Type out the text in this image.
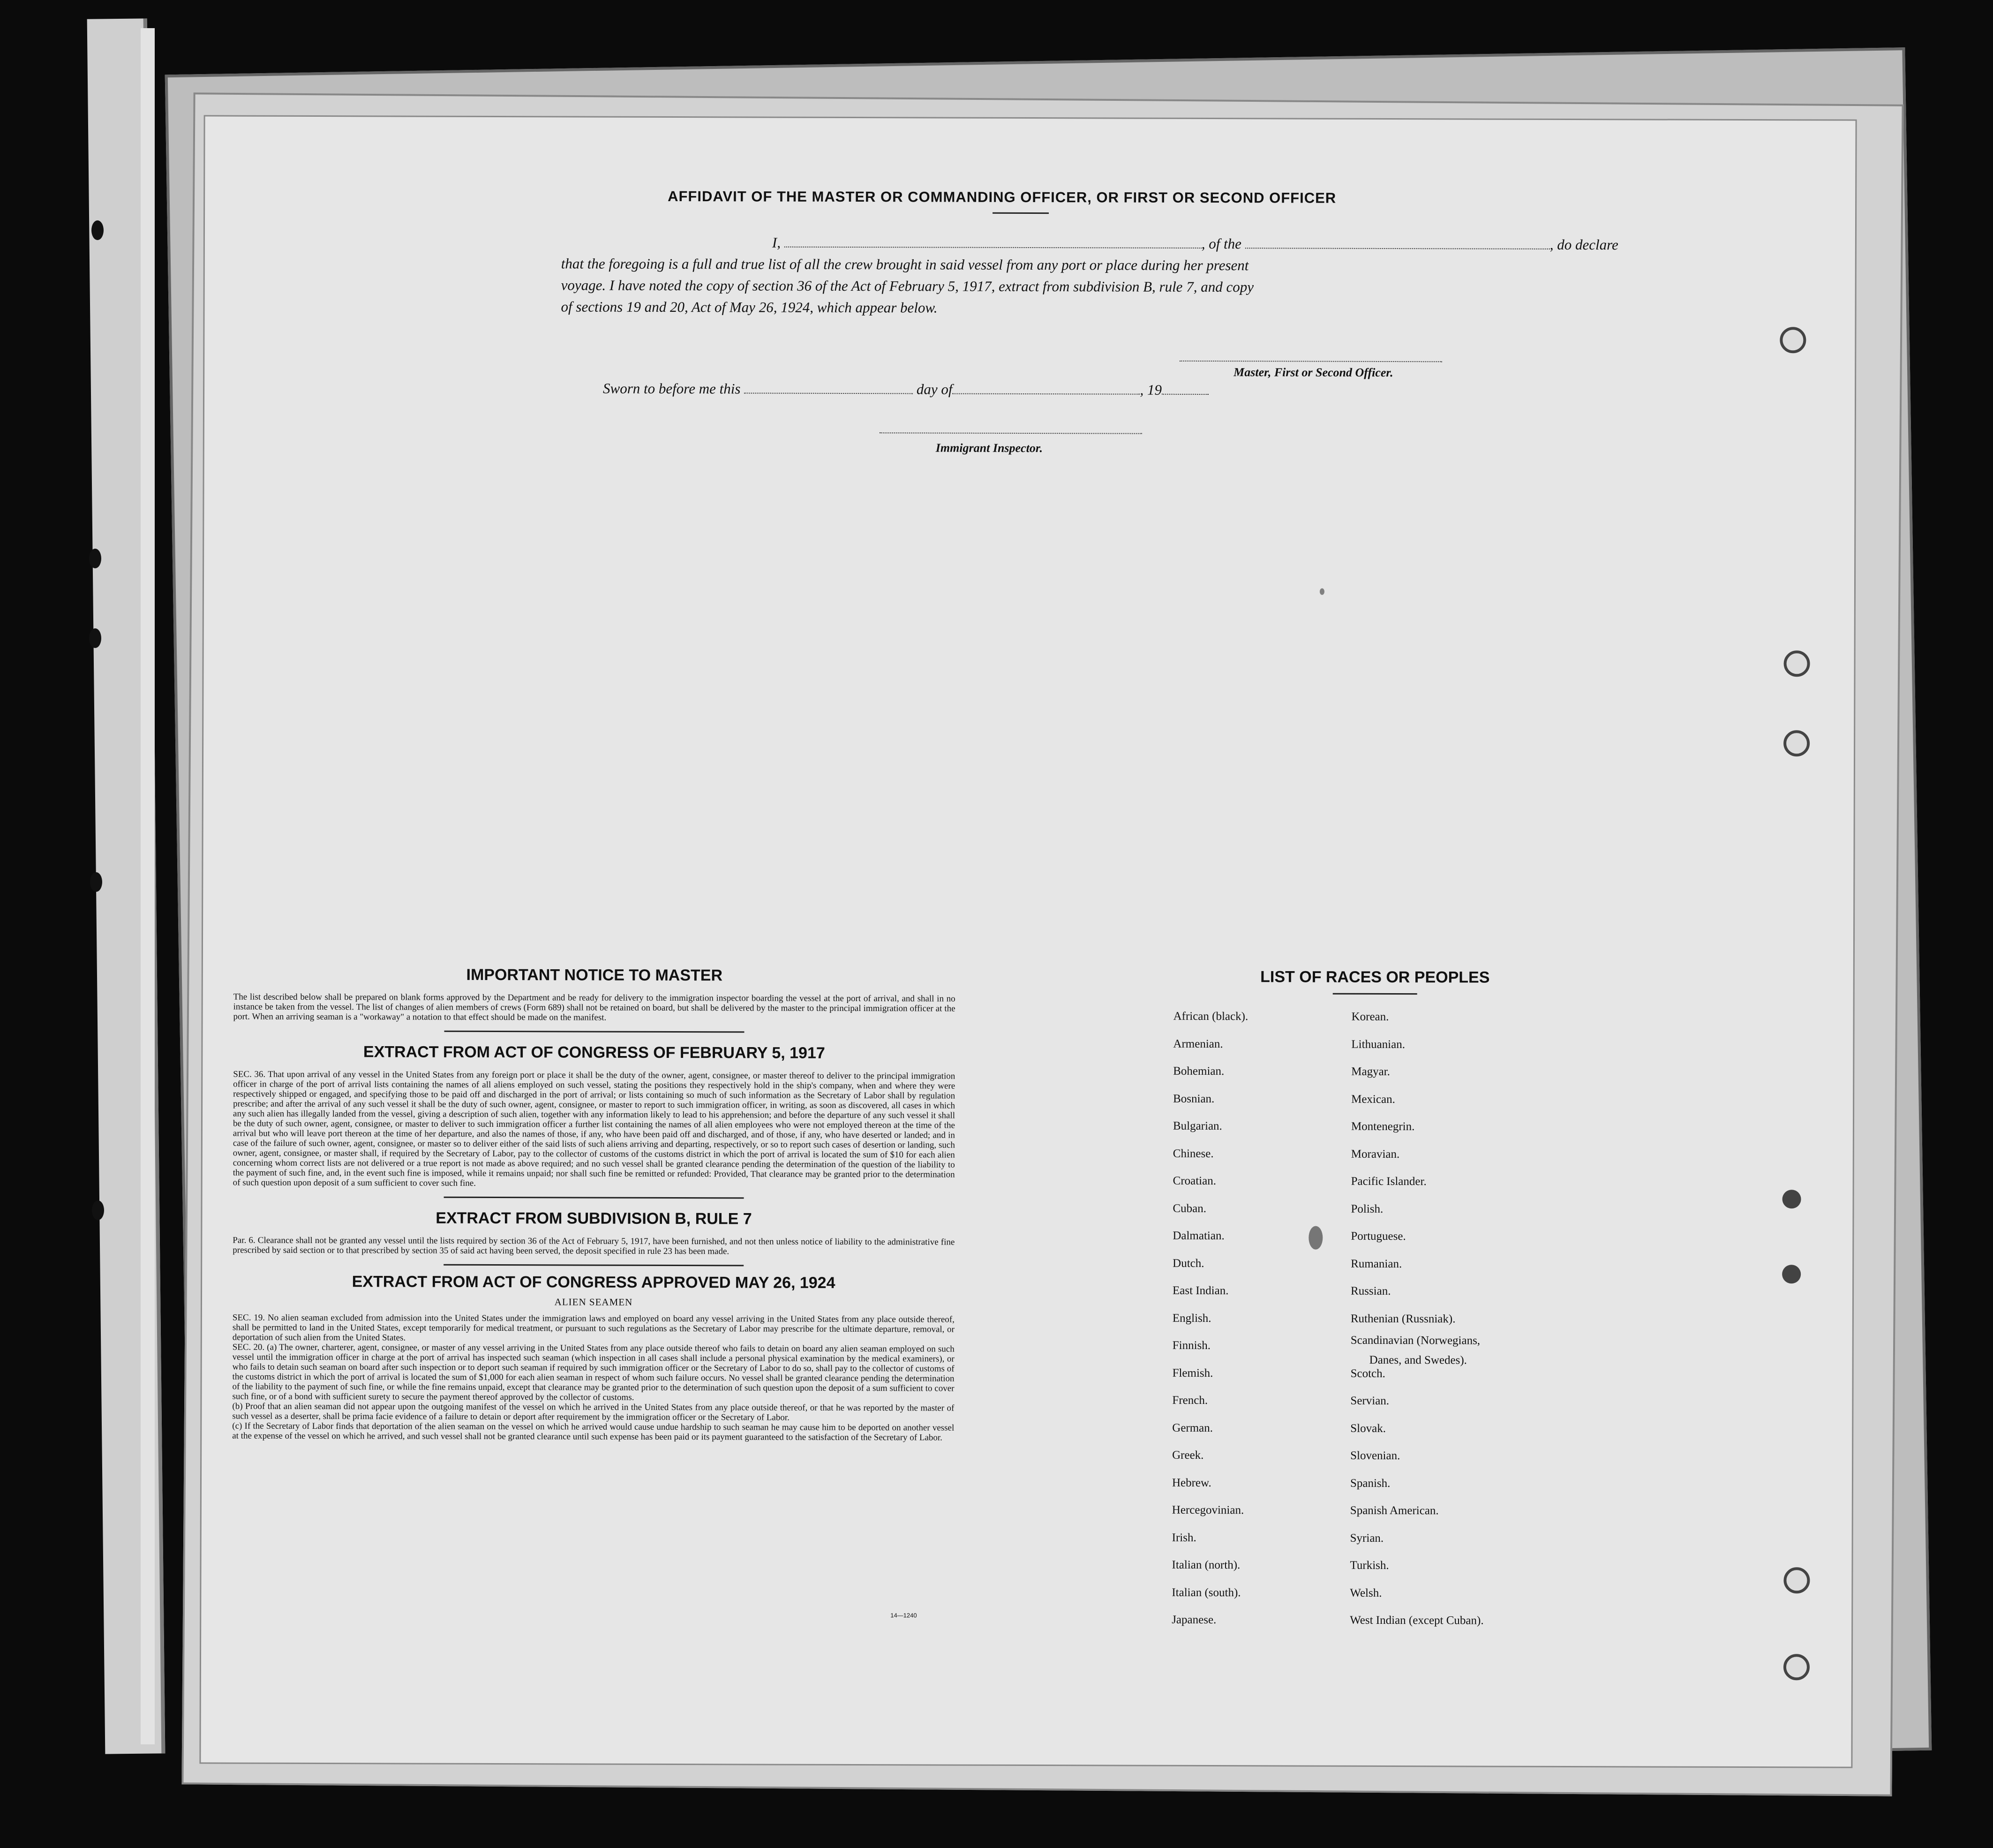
AFFIDAVIT OF THE MASTER OR COMMANDING OFFICER, OR FIRST OR SECOND OFFICER
I,	, of the	, do declare
that the foregoing is a full and true list of all the crew brought in said vessel from any port or place during her present
voyage. I have noted the copy of section 36 of the Act of February 5, 1917, extract from subdivision B, rule 7, and copy
of sections 19 and 20, Act of May 26, 1924, which appear below.
Master, First or Second Officer.
Sworn to before me this	day of	, 19
Immigrant Inspector.
IMPORTANT NOTICE TO MASTER
The list described below shall be prepared on blank forms approved by the Department and be ready for delivery to the immigration inspector boarding the vessel at the port of arrival, and shall in no instance be taken from the vessel. The list of changes of alien members of crews (Form 689) shall not be retained on board, but shall be delivered by the master to the principal immigration officer at the port. When an arriving seaman is a "workaway" a notation to that effect should be made on the manifest.
EXTRACT FROM ACT OF CONGRESS OF FEBRUARY 5, 1917
SEC. 36. That upon arrival of any vessel in the United States from any foreign port or place it shall be the duty of the owner, agent, consignee, or master thereof to deliver to the principal immigration officer in charge of the port of arrival lists containing the names of all aliens employed on such vessel, stating the positions they respectively hold in the ship's company, when and where they were respectively shipped or engaged, and specifying those to be paid off and discharged in the port of arrival; or lists containing so much of such information as the Secretary of Labor shall by regulation prescribe; and after the arrival of any such vessel it shall be the duty of such owner, agent, consignee, or master to report to such immigration officer, in writing, as soon as discovered, all cases in which any such alien has illegally landed from the vessel, giving a description of such alien, together with any information likely to lead to his apprehension; and before the departure of any such vessel it shall be the duty of such owner, agent, consignee, or master to deliver to such immigration officer a further list containing the names of all alien employees who were not employed thereon at the time of the arrival but who will leave port thereon at the time of her departure, and also the names of those, if any, who have been paid off and discharged, and of those, if any, who have deserted or landed; and in case of the failure of such owner, agent, consignee, or master so to deliver either of the said lists of such aliens arriving and departing, respectively, or so to report such cases of desertion or landing, such owner, agent, consignee, or master shall, if required by the Secretary of Labor, pay to the collector of customs of the customs district in which the port of arrival is located the sum of $10 for each alien concerning whom correct lists are not delivered or a true report is not made as above required; and no such vessel shall be granted clearance pending the determination of the question of the liability to the payment of such fine, and, in the event such fine is imposed, while it remains unpaid; nor shall such fine be remitted or refunded: Provided, That clearance may be granted prior to the determination of such question upon deposit of a sum sufficient to cover such fine.
EXTRACT FROM SUBDIVISION B, RULE 7
Par. 6. Clearance shall not be granted any vessel until the lists required by section 36 of the Act of February 5, 1917, have been furnished, and not then unless notice of liability to the administrative fine prescribed by said section or to that prescribed by section 35 of said act having been served, the deposit specified in rule 23 has been made.
EXTRACT FROM ACT OF CONGRESS APPROVED MAY 26, 1924
ALIEN SEAMEN
SEC. 19. No alien seaman excluded from admission into the United States under the immigration laws and employed on board any vessel arriving in the United States from any place outside thereof, shall be permitted to land in the United States, except temporarily for medical treatment, or pursuant to such regulations as the Secretary of Labor may prescribe for the ultimate departure, removal, or deportation of such alien from the United States.
SEC. 20. (a) The owner, charterer, agent, consignee, or master of any vessel arriving in the United States from any place outside thereof who fails to detain on board any alien seaman employed on such vessel until the immigration officer in charge at the port of arrival has inspected such seaman (which inspection in all cases shall include a personal physical examination by the medical examiners), or who fails to detain such seaman on board after such inspection or to deport such seaman if required by such immigration officer or the Secretary of Labor to do so, shall pay to the collector of customs of the customs district in which the port of arrival is located the sum of $1,000 for each alien seaman in respect of whom such failure occurs. No vessel shall be granted clearance pending the determination of the liability to the payment of such fine, or while the fine remains unpaid, except that clearance may be granted prior to the determination of such question upon the deposit of a sum sufficient to cover such fine, or of a bond with sufficient surety to secure the payment thereof approved by the collector of customs.
(b) Proof that an alien seaman did not appear upon the outgoing manifest of the vessel on which he arrived in the United States from any place outside thereof, or that he was reported by the master of such vessel as a deserter, shall be prima facie evidence of a failure to detain or deport after requirement by the immigration officer or the Secretary of Labor.
(c) If the Secretary of Labor finds that deportation of the alien seaman on the vessel on which he arrived would cause undue hardship to such seaman he may cause him to be deported on another vessel at the expense of the vessel on which he arrived, and such vessel shall not be granted clearance until such expense has been paid or its payment guaranteed to the satisfaction of the Secretary of Labor.
14—1240
LIST OF RACES OR PEOPLES
African (black).
Armenian.
Bohemian.
Bosnian.
Bulgarian.
Chinese.
Croatian.
Cuban.
Dalmatian.
Dutch.
East Indian.
English.
Finnish.
Flemish.
French.
German.
Greek.
Hebrew.
Hercegovinian.
Irish.
Italian (north).
Italian (south).
Japanese.
Korean.
Lithuanian.
Magyar.
Mexican.
Montenegrin.
Moravian.
Pacific Islander.
Polish.
Portuguese.
Rumanian.
Russian.
Ruthenian (Russniak).
Scandinavian (Norwegians,
Danes, and Swedes).
Scotch.
Servian.
Slovak.
Slovenian.
Spanish.
Spanish American.
Syrian.
Turkish.
Welsh.
West Indian (except Cuban).
